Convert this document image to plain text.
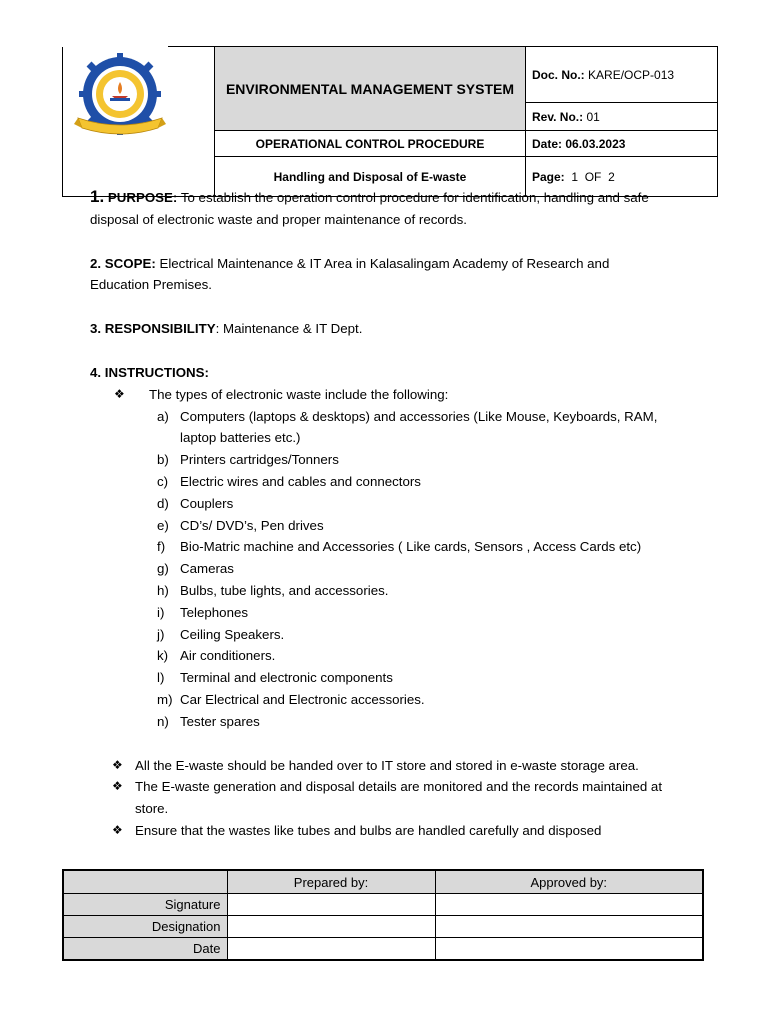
	ENVIRONMENTAL MANAGEMENT SYSTEM	Doc. No.: KARE/OCP-013
		Rev. No.: 01
	OPERATIONAL CONTROL PROCEDURE	Date: 06.03.2023
	Handling and Disposal of E-waste	Page: 1 OF 2

1. PURPOSE: To establish the operation control procedure for identification, handling and safe disposal of electronic waste and proper maintenance of records.

2. SCOPE: Electrical Maintenance & IT Area in Kalasalingam Academy of Research and Education Premises.

3. RESPONSIBILITY: Maintenance & IT Dept.

4. INSTRUCTIONS:

❖ The types of electronic waste include the following:

a) Computers (laptops & desktops) and accessories (Like Mouse, Keyboards, RAM, laptop batteries etc.)
b) Printers cartridges/Tonners
c) Electric wires and cables and connectors
d) Couplers
e) CD’s/ DVD’s, Pen drives
f) Bio-Matric machine and Accessories ( Like cards, Sensors , Access Cards etc)
g) Cameras
h) Bulbs, tube lights, and accessories.
i) Telephones
j) Ceiling Speakers.
k) Air conditioners.
l) Terminal and electronic components
m) Car Electrical and Electronic accessories.
n) Tester spares

❖ All the E-waste should be handed over to IT store and stored in e-waste storage area.

❖ The E-waste generation and disposal details are monitored and the records maintained at store.

❖ Ensure that the wastes like tubes and bulbs are handled carefully and disposed

	Prepared by:	Approved by:
Signature		
Designation		
Date		
